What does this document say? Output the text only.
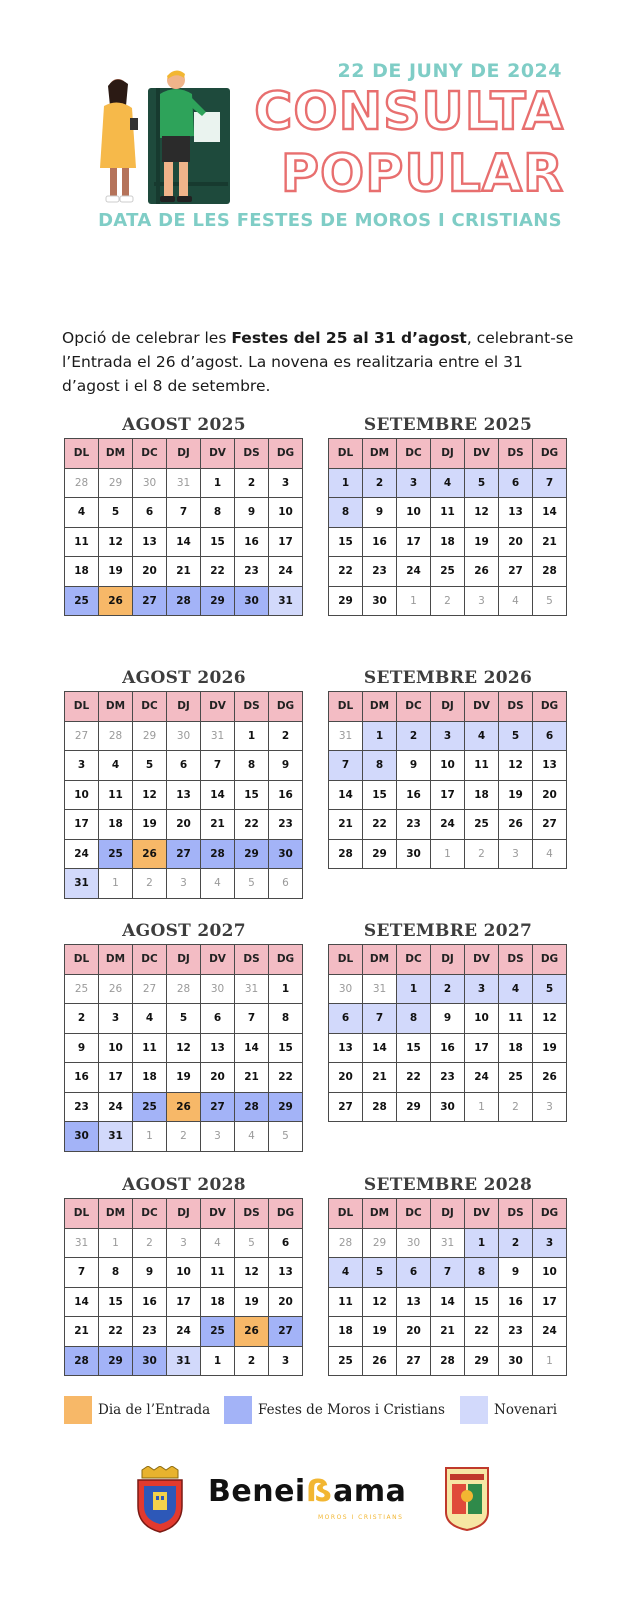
22 DE JUNY DE 2024
CONSULTA
POPULAR
DATA DE LES FESTES DE MOROS I CRISTIANS

Opció de celebrar les Festes del 25 al 31 d’agost, celebrant-se l’Entrada el 26 d’agost. La novena es realitzaria entre el 31 d’agost i el 8 de setembre.

AGOST 2025
DL	DM	DC	DJ	DV	DS	DG
28	29	30	31	1	2	3
4	5	6	7	8	9	10
11	12	13	14	15	16	17
18	19	20	21	22	23	24
25	26	27	28	29	30	31
SETEMBRE 2025
DL	DM	DC	DJ	DV	DS	DG
1	2	3	4	5	6	7
8	9	10	11	12	13	14
15	16	17	18	19	20	21
22	23	24	25	26	27	28
29	30	1	2	3	4	5
AGOST 2026
DL	DM	DC	DJ	DV	DS	DG
27	28	29	30	31	1	2
3	4	5	6	7	8	9
10	11	12	13	14	15	16
17	18	19	20	21	22	23
24	25	26	27	28	29	30
31	1	2	3	4	5	6
SETEMBRE 2026
DL	DM	DC	DJ	DV	DS	DG
31	1	2	3	4	5	6
7	8	9	10	11	12	13
14	15	16	17	18	19	20
21	22	23	24	25	26	27
28	29	30	1	2	3	4
AGOST 2027
DL	DM	DC	DJ	DV	DS	DG
25	26	27	28	30	31	1
2	3	4	5	6	7	8
9	10	11	12	13	14	15
16	17	18	19	20	21	22
23	24	25	26	27	28	29
30	31	1	2	3	4	5
SETEMBRE 2027
DL	DM	DC	DJ	DV	DS	DG
30	31	1	2	3	4	5
6	7	8	9	10	11	12
13	14	15	16	17	18	19
20	21	22	23	24	25	26
27	28	29	30	1	2	3
AGOST 2028
DL	DM	DC	DJ	DV	DS	DG
31	1	2	3	4	5	6
7	8	9	10	11	12	13
14	15	16	17	18	19	20
21	22	23	24	25	26	27
28	29	30	31	1	2	3
SETEMBRE 2028
DL	DM	DC	DJ	DV	DS	DG
28	29	30	31	1	2	3
4	5	6	7	8	9	10
11	12	13	14	15	16	17
18	19	20	21	22	23	24
25	26	27	28	29	30	1
Dia de l’Entrada	Festes de Moros i Cristians	Novenari
Beneiẞama
MOROS I CRISTIANS
